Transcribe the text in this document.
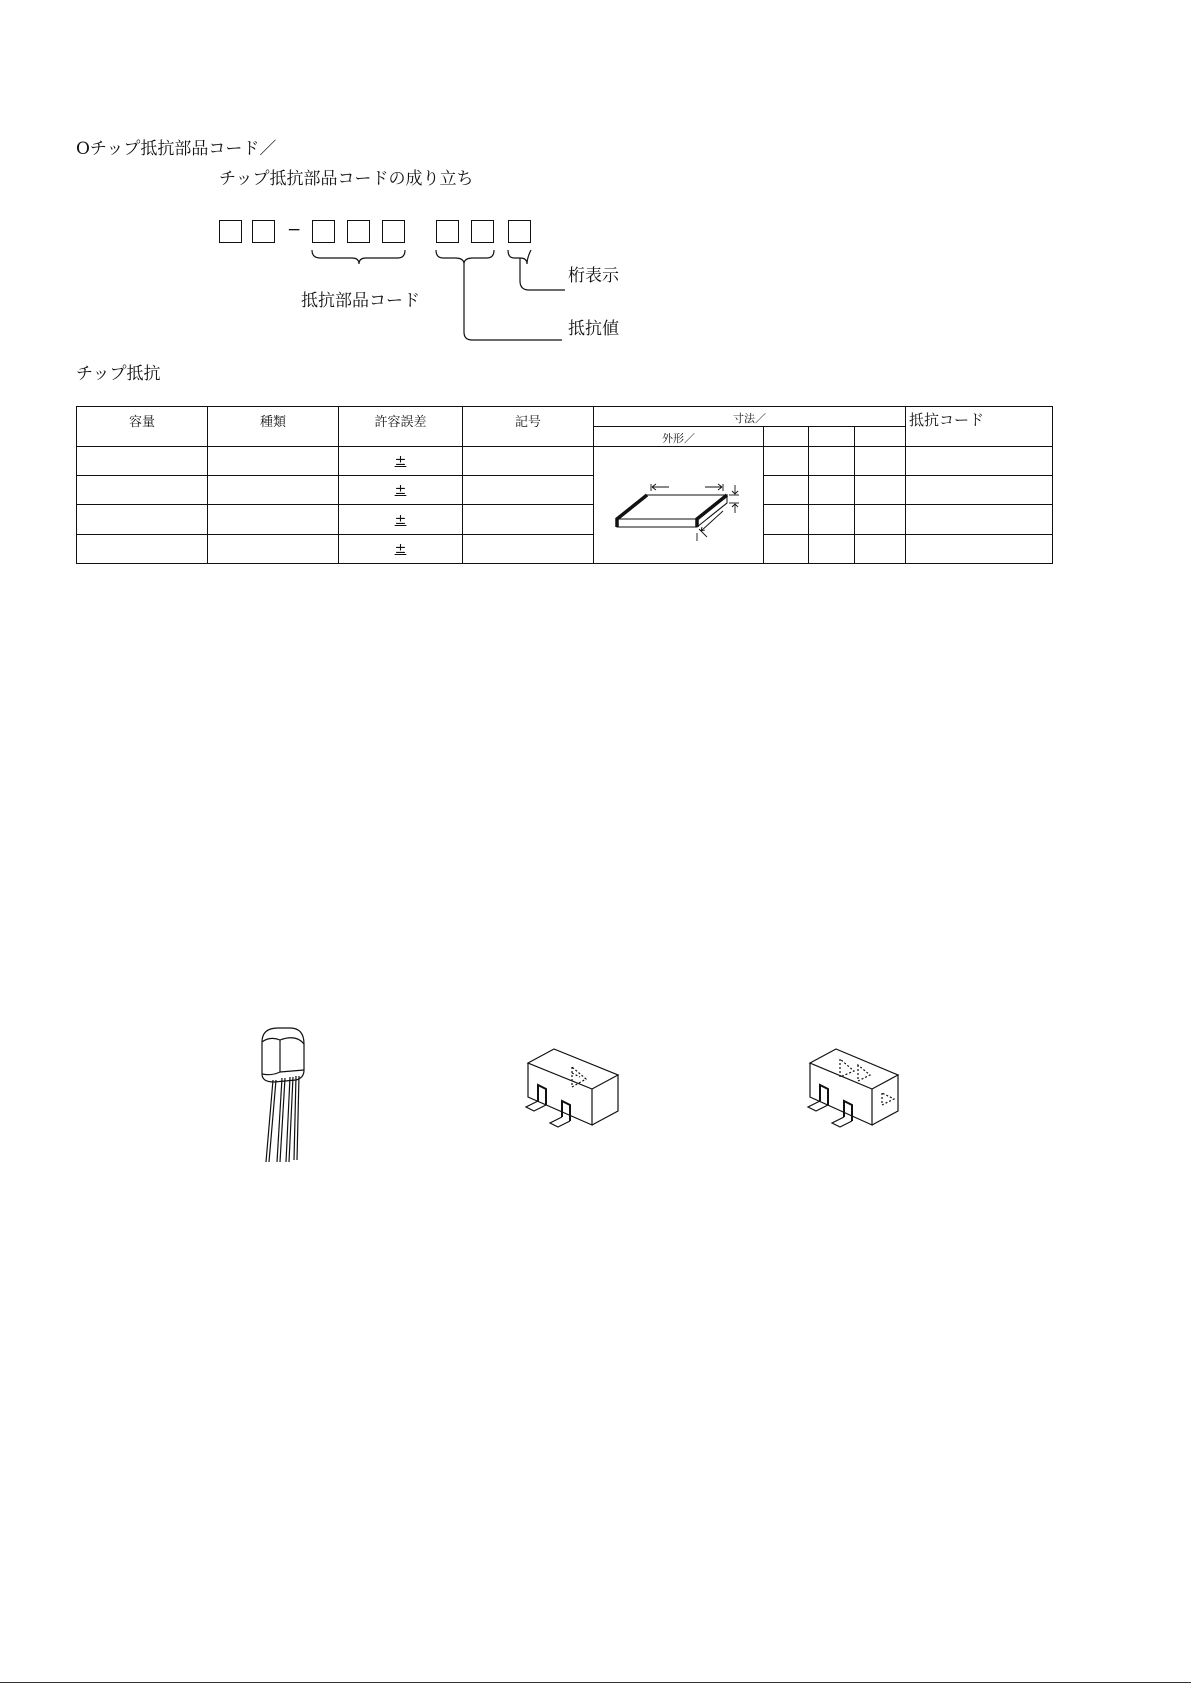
Oチップ抵抗部品コード／
チップ抵抗部品コードの成り立ち
−
桁表示
抵抗値
抵抗部品コード
チップ抵抗
容量	種類	許容誤差	記号	寸法／				抵抗コード
				外形／				
		±						
		±						
		±						
		±						
